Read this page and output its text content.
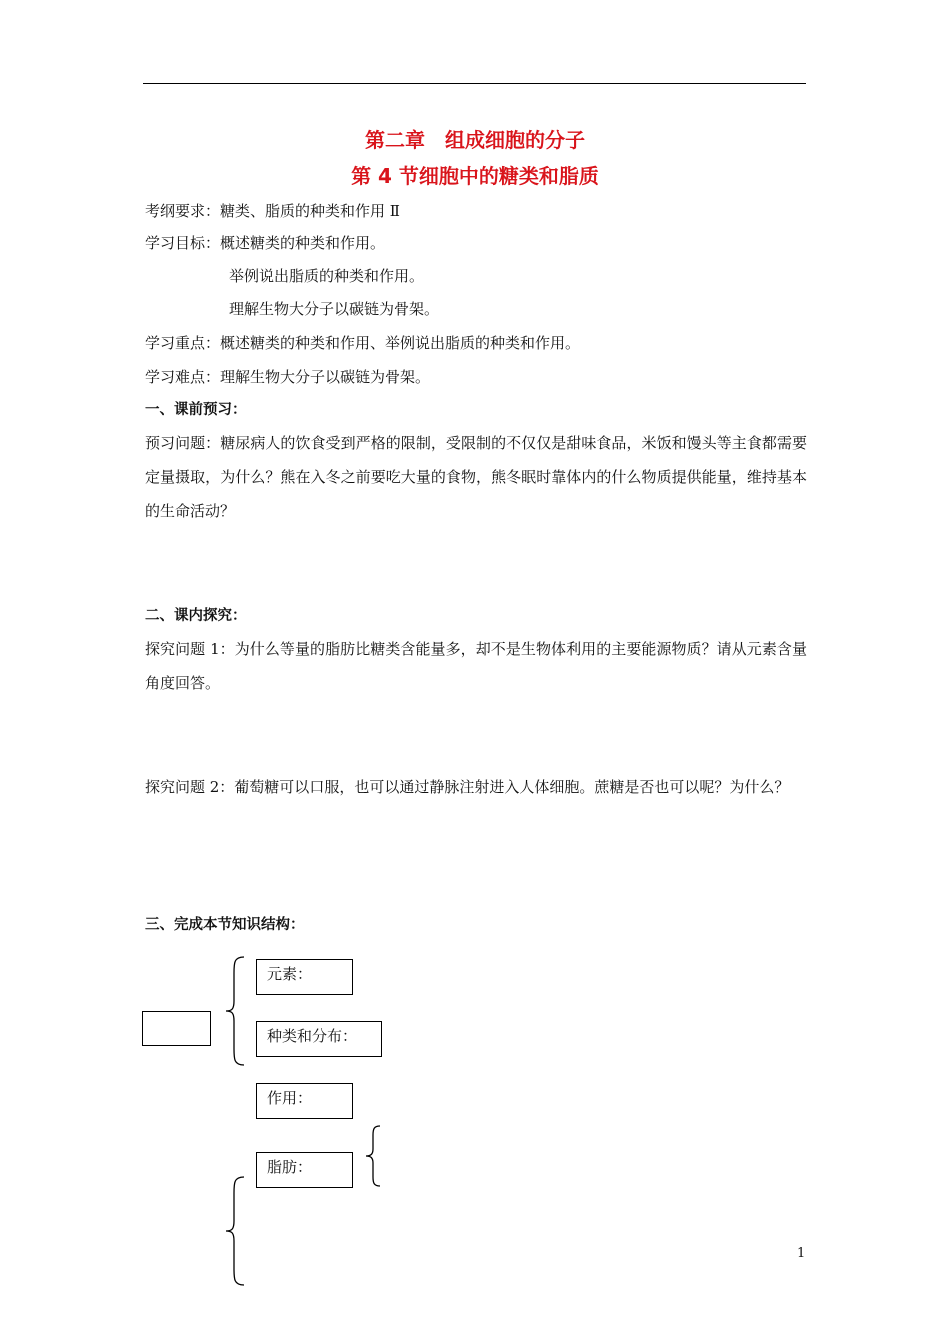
第二章　组成细胞的分子
第 4 节细胞中的糖类和脂质
考纲要求：糖类、脂质的种类和作用 Ⅱ
学习目标：概述糖类的种类和作用。
举例说出脂质的种类和作用。
理解生物大分子以碳链为骨架。
学习重点：概述糖类的种类和作用、举例说出脂质的种类和作用。
学习难点：理解生物大分子以碳链为骨架。
一、课前预习：
预习问题：糖尿病人的饮食受到严格的限制，受限制的不仅仅是甜味食品，米饭和馒头等主食都需要定量摄取，为什么？熊在入冬之前要吃大量的食物，熊冬眠时靠体内的什么物质提供能量，维持基本的生命活动？
二、课内探究：
探究问题 1：为什么等量的脂肪比糖类含能量多，却不是生物体利用的主要能源物质？请从元素含量角度回答。
探究问题 2：葡萄糖可以口服，也可以通过静脉注射进入人体细胞。蔗糖是否也可以呢？为什么？
三、完成本节知识结构：
元素：
种类和分布：
作用：
脂肪：
1
